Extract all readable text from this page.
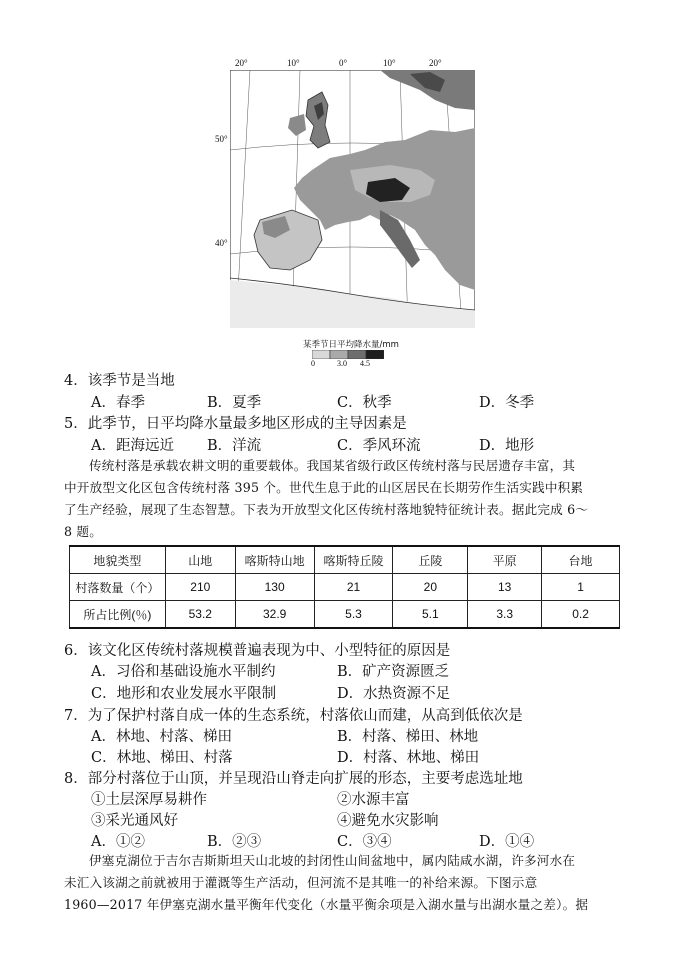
20°	10°	0°	10°	20°
50°
40°
某季节日平均降水量/mm
0	3.0 4.5
4．该季节是当地
A．春季	B．夏季	C．秋季	D．冬季
5．此季节，日平均降水量最多地区形成的主导因素是
A．距海远近 B．洋流	C．季风环流	D．地形
传统村落是承载农耕文明的重要载体。我国某省级行政区传统村落与民居遗存丰富，其
中开放型文化区包含传统村落 395 个。世代生息于此的山区居民在长期劳作生活实践中积累
了生产经验，展现了生态智慧。下表为开放型文化区传统村落地貌特征统计表。据此完成 6～
8 题。
地貌类型	山地	喀斯特山地	喀斯特丘陵	丘陵	平原	台地
村落数量（个）	210	130	21	20	13	1
所占比例(％)	53.2	32.9	5.3	5.1	3.3	0.2
6．该文化区传统村落规模普遍表现为中、小型特征的原因是
A．习俗和基础设施水平制约	B．矿产资源匮乏
C．地形和农业发展水平限制	D．水热资源不足
7．为了保护村落自成一体的生态系统，村落依山而建，从高到低依次是
A．林地、村落、梯田	B．村落、梯田、林地
C．林地、梯田、村落	D．村落、林地、梯田
8．部分村落位于山顶，并呈现沿山脊走向扩展的形态，主要考虑选址地
①土层深厚易耕作	②水源丰富
③采光通风好	④避免水灾影响
A．①②	B．②③	C．③④	D．①④
伊塞克湖位于吉尔吉斯斯坦天山北坡的封闭性山间盆地中，属内陆咸水湖，许多河水在
未汇入该湖之前就被用于灌溉等生产活动，但河流不是其唯一的补给来源。下图示意
1960—2017 年伊塞克湖水量平衡年代变化（水量平衡余项是入湖水量与出湖水量之差）。据
